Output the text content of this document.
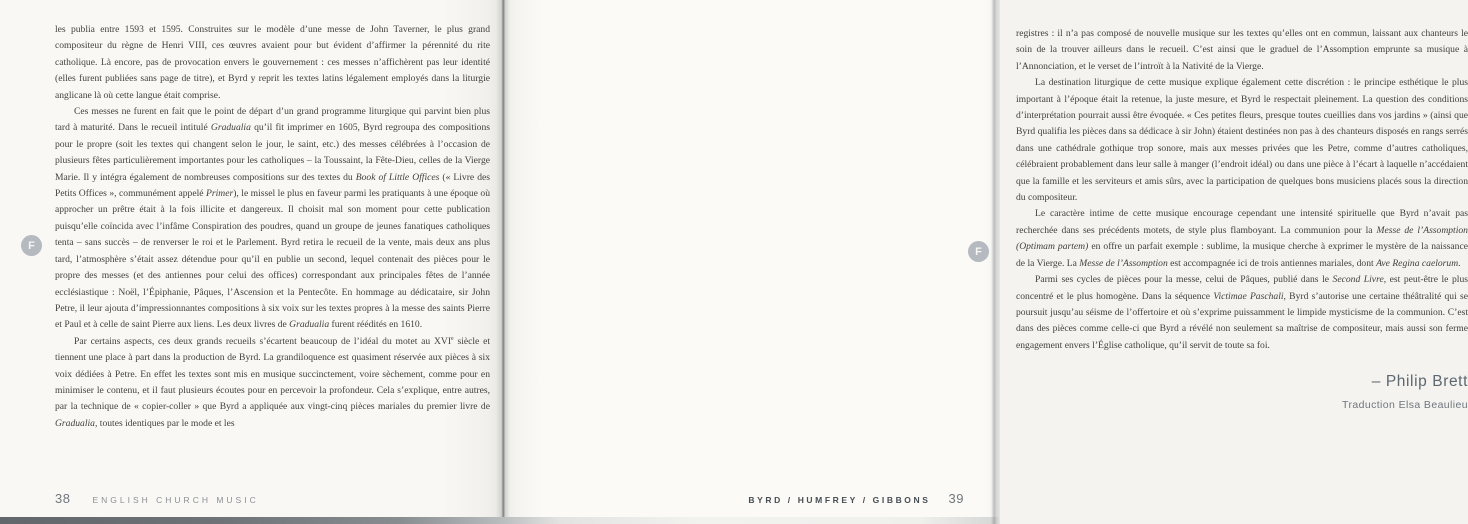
les publia entre 1593 et 1595. Construites sur le modèle d’une messe de John Taverner, le plus grand compositeur du règne de Henri VIII, ces œuvres avaient pour but évident d’affirmer la pérennité du rite catholique. Là encore, pas de provocation envers le gouvernement : ces messes n’affichèrent pas leur identité (elles furent publiées sans page de titre), et Byrd y reprit les textes latins légalement employés dans la liturgie anglicane là où cette langue était comprise.

Ces messes ne furent en fait que le point de départ d’un grand programme liturgique qui parvint bien plus tard à maturité. Dans le recueil intitulé Gradualia qu’il fit imprimer en 1605, Byrd regroupa des compositions pour le propre (soit les textes qui changent selon le jour, le saint, etc.) des messes célébrées à l’occasion de plusieurs fêtes particulièrement importantes pour les catholiques – la Toussaint, la Fête-Dieu, celles de la Vierge Marie. Il y intégra également de nombreuses compositions sur des textes du Book of Little Offices (« Livre des Petits Offices », communément appelé Primer), le missel le plus en faveur parmi les pratiquants à une époque où approcher un prêtre était à la fois illicite et dangereux. Il choisit mal son moment pour cette publication puisqu’elle coïncida avec l’infâme Conspiration des poudres, quand un groupe de jeunes fanatiques catholiques tenta – sans succès – de renverser le roi et le Parlement. Byrd retira le recueil de la vente, mais deux ans plus tard, l’atmosphère s’était assez détendue pour qu’il en publie un second, lequel contenait des pièces pour le propre des messes (et des antiennes pour celui des offices) correspondant aux principales fêtes de l’année ecclésiastique : Noël, l’Épiphanie, Pâques, l’Ascension et la Pentecôte. En hommage au dédicataire, sir John Petre, il leur ajouta d’impressionnantes compositions à six voix sur les textes propres à la messe des saints Pierre et Paul et à celle de saint Pierre aux liens. Les deux livres de Gradualia furent réédités en 1610.

Par certains aspects, ces deux grands recueils s’écartent beaucoup de l’idéal du motet au XVIe siècle et tiennent une place à part dans la production de Byrd. La grandiloquence est quasiment réservée aux pièces à six voix dédiées à Petre. En effet les textes sont mis en musique succinctement, voire sèchement, comme pour en minimiser le contenu, et il faut plusieurs écoutes pour en percevoir la profondeur. Cela s’explique, entre autres, par la technique de « copier-coller » que Byrd a appliquée aux vingt-cinq pièces mariales du premier livre de Gradualia, toutes identiques par le mode et les

38	ENGLISH CHURCH MUSIC

registres : il n’a pas composé de nouvelle musique sur les textes qu’elles ont en commun, laissant aux chanteurs le soin de la trouver ailleurs dans le recueil. C’est ainsi que le graduel de l’Assomption emprunte sa musique à l’Annonciation, et le verset de l’introït à la Nativité de la Vierge.

La destination liturgique de cette musique explique également cette discrétion : le principe esthétique le plus important à l’époque était la retenue, la juste mesure, et Byrd le respectait pleinement. La question des conditions d’interprétation pourrait aussi être évoquée. « Ces petites fleurs, presque toutes cueillies dans vos jardins » (ainsi que Byrd qualifia les pièces dans sa dédicace à sir John) étaient destinées non pas à des chanteurs disposés en rangs serrés dans une cathédrale gothique trop sonore, mais aux messes privées que les Petre, comme d’autres catholiques, célébraient probablement dans leur salle à manger (l’endroit idéal) ou dans une pièce à l’écart à laquelle n’accédaient que la famille et les serviteurs et amis sûrs, avec la participation de quelques bons musiciens placés sous la direction du compositeur.

Le caractère intime de cette musique encourage cependant une intensité spirituelle que Byrd n’avait pas recherchée dans ses précédents motets, de style plus flamboyant. La communion pour la Messe de l’Assomption (Optimam partem) en offre un parfait exemple : sublime, la musique cherche à exprimer le mystère de la naissance de la Vierge. La Messe de l’Assomption est accompagnée ici de trois antiennes mariales, dont Ave Regina caelorum.

Parmi ses cycles de pièces pour la messe, celui de Pâques, publié dans le Second Livre, est peut-être le plus concentré et le plus homogène. Dans la séquence Victimae Paschali, Byrd s’autorise une certaine théâtralité qui se poursuit jusqu’au séisme de l’offertoire et où s’exprime puissamment le limpide mysticisme de la communion. C’est dans des pièces comme celle-ci que Byrd a révélé non seulement sa maîtrise de compositeur, mais aussi son ferme engagement envers l’Église catholique, qu’il servit de toute sa foi.

– Philip Brett
Traduction Elsa Beaulieu
BYRD / HUMFREY / GIBBONS 39
F	F
